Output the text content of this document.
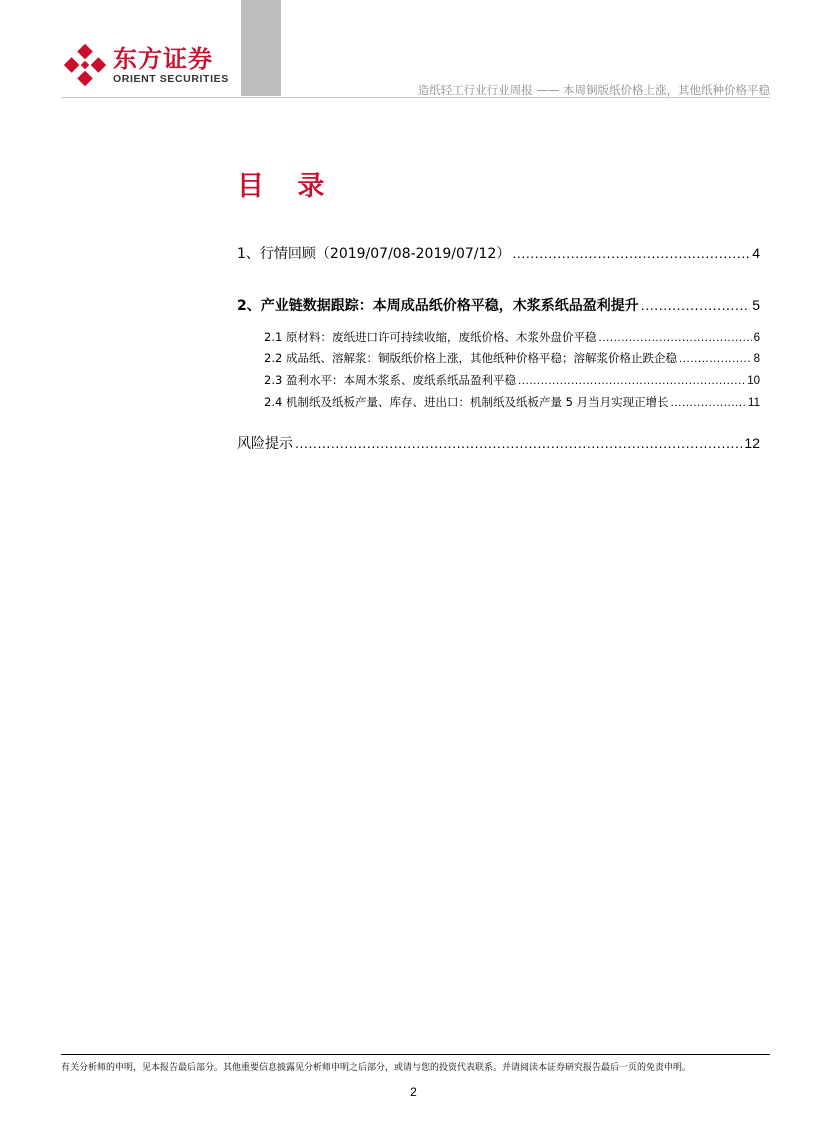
东方证券
ORIENT SECURITIES
造纸轻工行业行业周报 —— 本周铜版纸价格上涨，其他纸种价格平稳
目 录
1、行情回顾（2019/07/08-2019/07/12） .....	4
2、产业链数据跟踪：本周成品纸价格平稳，木浆系纸品盈利提升 .....	5
2.1 原材料：废纸进口许可持续收缩，废纸价格、木浆外盘价平稳 .....	6
2.2 成品纸、溶解浆：铜版纸价格上涨，其他纸种价格平稳；溶解浆价格止跌企稳 .....	8
2.3 盈利水平：本周木浆系、废纸系纸品盈利平稳 .....	10
2.4 机制纸及纸板产量、库存、进出口：机制纸及纸板产量 5 月当月实现正增长 .....	11
风险提示 .....	12
有关分析师的申明，见本报告最后部分。其他重要信息披露见分析师申明之后部分，或请与您的投资代表联系。并请阅读本证券研究报告最后一页的免责申明。
2
